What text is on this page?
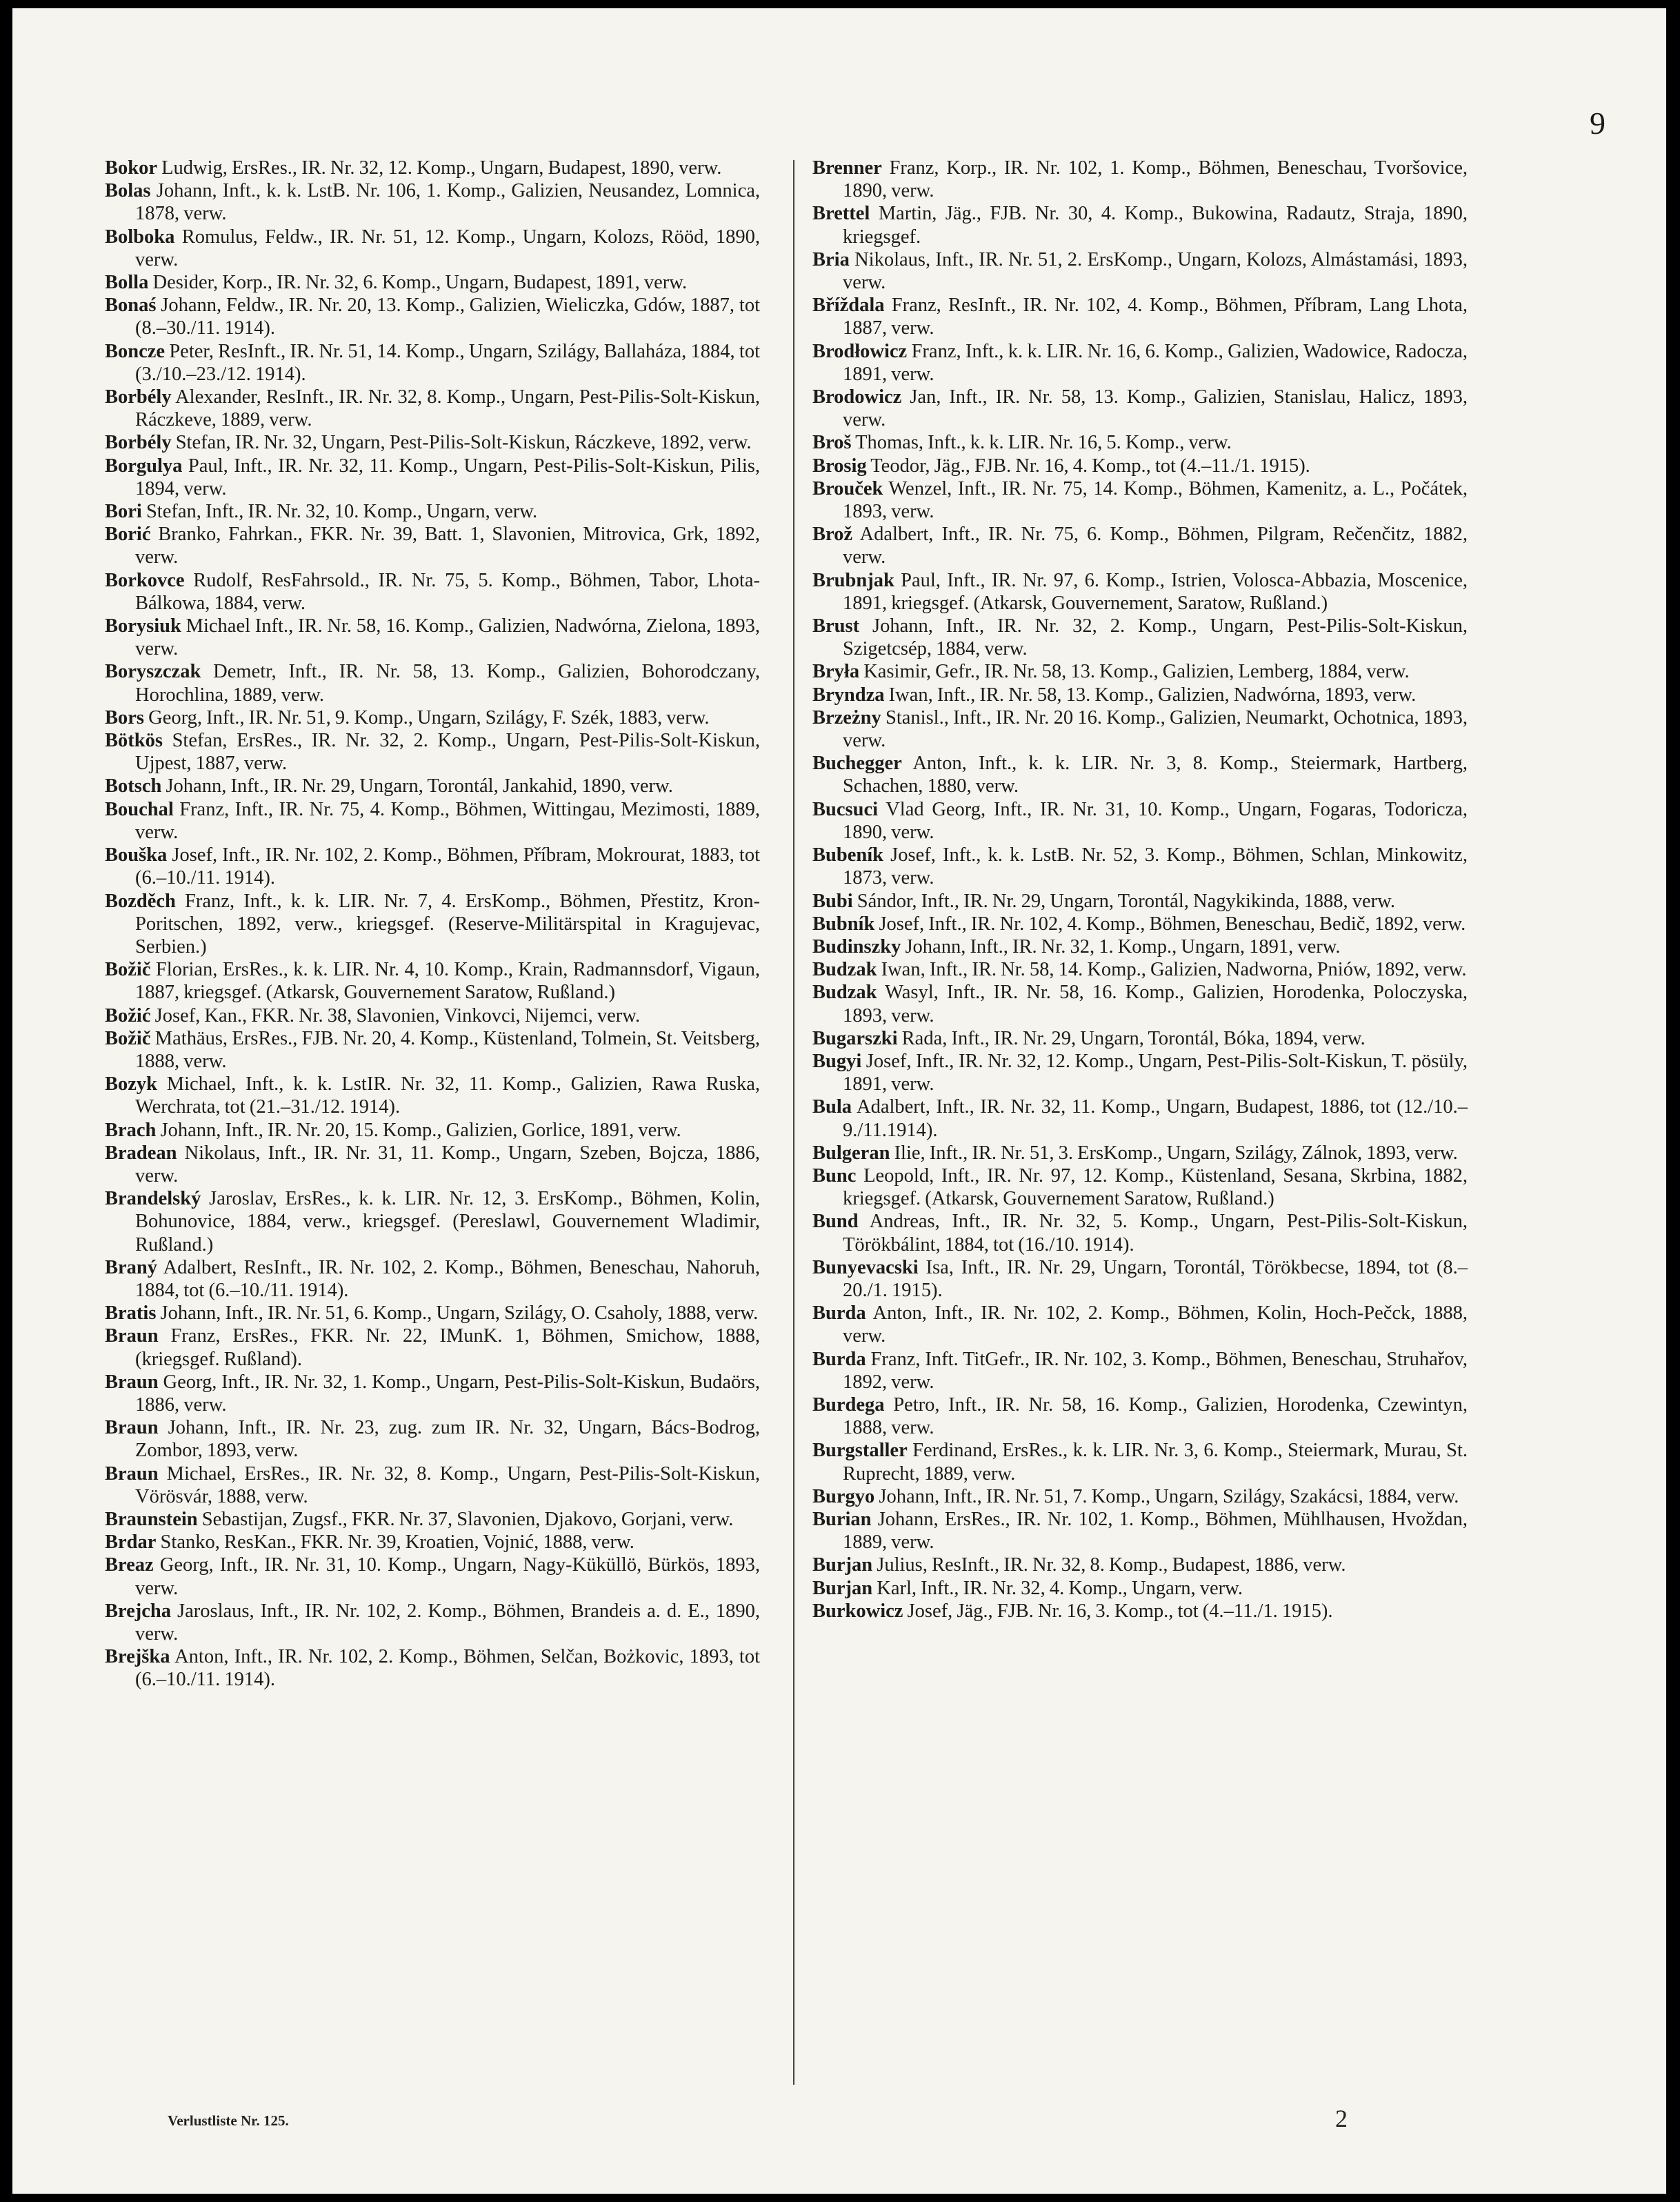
9

Bokor Ludwig, ErsRes., IR. Nr. 32, 12. Komp., Ungarn, Budapest, 1890, verw.

Bolas Johann, Inft., k. k. LstB. Nr. 106, 1. Komp., Galizien, Neusandez, Lomnica, 1878, verw.

Bolboka Romulus, Feldw., IR. Nr. 51, 12. Komp., Ungarn, Kolozs, Rööd, 1890, verw.

Bolla Desider, Korp., IR. Nr. 32, 6. Komp., Ungarn, Budapest, 1891, verw.

Bonaś Johann, Feldw., IR. Nr. 20, 13. Komp., Galizien, Wieliczka, Gdów, 1887, tot (8.–30./11. 1914).

Boncze Peter, ResInft., IR. Nr. 51, 14. Komp., Ungarn, Szilágy, Ballaháza, 1884, tot (3./10.–23./12. 1914).

Borbély Alexander, ResInft., IR. Nr. 32, 8. Komp., Ungarn, Pest-Pilis-Solt-Kiskun, Ráczkeve, 1889, verw.

Borbély Stefan, IR. Nr. 32, Ungarn, Pest-Pilis-Solt-Kiskun, Ráczkeve, 1892, verw.

Borgulya Paul, Inft., IR. Nr. 32, 11. Komp., Ungarn, Pest-Pilis-Solt-Kiskun, Pilis, 1894, verw.

Bori Stefan, Inft., IR. Nr. 32, 10. Komp., Ungarn, verw.

Borić Branko, Fahrkan., FKR. Nr. 39, Batt. 1, Slavonien, Mitrovica, Grk, 1892, verw.

Borkovce Rudolf, ResFahrsold., IR. Nr. 75, 5. Komp., Böhmen, Tabor, Lhota-Bálkowa, 1884, verw.

Borysiuk Michael Inft., IR. Nr. 58, 16. Komp., Galizien, Nadwórna, Zielona, 1893, verw.

Boryszczak Demetr, Inft., IR. Nr. 58, 13. Komp., Galizien, Bohorodczany, Horochlina, 1889, verw.

Bors Georg, Inft., IR. Nr. 51, 9. Komp., Ungarn, Szilágy, F. Szék, 1883, verw.

Bötkös Stefan, ErsRes., IR. Nr. 32, 2. Komp., Ungarn, Pest-Pilis-Solt-Kiskun, Ujpest, 1887, verw.

Botsch Johann, Inft., IR. Nr. 29, Ungarn, Torontál, Jankahid, 1890, verw.

Bouchal Franz, Inft., IR. Nr. 75, 4. Komp., Böhmen, Wittingau, Mezimosti, 1889, verw.

Bouška Josef, Inft., IR. Nr. 102, 2. Komp., Böhmen, Příbram, Mokrourat, 1883, tot (6.–10./11. 1914).

Bozděch Franz, Inft., k. k. LIR. Nr. 7, 4. ErsKomp., Böhmen, Přestitz, Kron-Poritschen, 1892, verw., kriegsgef. (Reserve-Militärspital in Kragujevac, Serbien.)

Božič Florian, ErsRes., k. k. LIR. Nr. 4, 10. Komp., Krain, Radmannsdorf, Vigaun, 1887, kriegsgef. (Atkarsk, Gouvernement Saratow, Rußland.)

Božić Josef, Kan., FKR. Nr. 38, Slavonien, Vinkovci, Nijemci, verw.

Božič Mathäus, ErsRes., FJB. Nr. 20, 4. Komp., Küstenland, Tolmein, St. Veitsberg, 1888, verw.

Bozyk Michael, Inft., k. k. LstIR. Nr. 32, 11. Komp., Galizien, Rawa Ruska, Werchrata, tot (21.–31./12. 1914).

Brach Johann, Inft., IR. Nr. 20, 15. Komp., Galizien, Gorlice, 1891, verw.

Bradean Nikolaus, Inft., IR. Nr. 31, 11. Komp., Ungarn, Szeben, Bojcza, 1886, verw.

Brandelský Jaroslav, ErsRes., k. k. LIR. Nr. 12, 3. ErsKomp., Böhmen, Kolin, Bohunovice, 1884, verw., kriegsgef. (Pereslawl, Gouvernement Wladimir, Rußland.)

Braný Adalbert, ResInft., IR. Nr. 102, 2. Komp., Böhmen, Beneschau, Nahoruh, 1884, tot (6.–10./11. 1914).

Bratis Johann, Inft., IR. Nr. 51, 6. Komp., Ungarn, Szilágy, O. Csaholy, 1888, verw.

Braun Franz, ErsRes., FKR. Nr. 22, IMunK. 1, Böhmen, Smichow, 1888, (kriegsgef. Rußland).

Braun Georg, Inft., IR. Nr. 32, 1. Komp., Ungarn, Pest-Pilis-Solt-Kiskun, Budaörs, 1886, verw.

Braun Johann, Inft., IR. Nr. 23, zug. zum IR. Nr. 32, Ungarn, Bács-Bodrog, Zombor, 1893, verw.

Braun Michael, ErsRes., IR. Nr. 32, 8. Komp., Ungarn, Pest-Pilis-Solt-Kiskun, Vörösvár, 1888, verw.

Braunstein Sebastijan, Zugsf., FKR. Nr. 37, Slavonien, Djakovo, Gorjani, verw.

Brdar Stanko, ResKan., FKR. Nr. 39, Kroatien, Vojnić, 1888, verw.

Breaz Georg, Inft., IR. Nr. 31, 10. Komp., Ungarn, Nagy-Küküllö, Bürkös, 1893, verw.

Brejcha Jaroslaus, Inft., IR. Nr. 102, 2. Komp., Böhmen, Brandeis a. d. E., 1890, verw.

Brejška Anton, Inft., IR. Nr. 102, 2. Komp., Böhmen, Selčan, Bożkovic, 1893, tot (6.–10./11. 1914).

Brenner Franz, Korp., IR. Nr. 102, 1. Komp., Böhmen, Beneschau, Tvoršovice, 1890, verw.

Brettel Martin, Jäg., FJB. Nr. 30, 4. Komp., Bukowina, Radautz, Straja, 1890, kriegsgef.

Bria Nikolaus, Inft., IR. Nr. 51, 2. ErsKomp., Ungarn, Kolozs, Almástamási, 1893, verw.

Bříždala Franz, ResInft., IR. Nr. 102, 4. Komp., Böhmen, Příbram, Lang Lhota, 1887, verw.

Brodłowicz Franz, Inft., k. k. LIR. Nr. 16, 6. Komp., Galizien, Wadowice, Radocza, 1891, verw.

Brodowicz Jan, Inft., IR. Nr. 58, 13. Komp., Galizien, Stanislau, Halicz, 1893, verw.

Broš Thomas, Inft., k. k. LIR. Nr. 16, 5. Komp., verw.

Brosig Teodor, Jäg., FJB. Nr. 16, 4. Komp., tot (4.–11./1. 1915).

Brouček Wenzel, Inft., IR. Nr. 75, 14. Komp., Böhmen, Kamenitz, a. L., Počátek, 1893, verw.

Brož Adalbert, Inft., IR. Nr. 75, 6. Komp., Böhmen, Pilgram, Rečenčitz, 1882, verw.

Brubnjak Paul, Inft., IR. Nr. 97, 6. Komp., Istrien, Volosca-Abbazia, Moscenice, 1891, kriegsgef. (Atkarsk, Gouvernement, Saratow, Rußland.)

Brust Johann, Inft., IR. Nr. 32, 2. Komp., Ungarn, Pest-Pilis-Solt-Kiskun, Szigetcsép, 1884, verw.

Bryła Kasimir, Gefr., IR. Nr. 58, 13. Komp., Galizien, Lemberg, 1884, verw.

Bryndza Iwan, Inft., IR. Nr. 58, 13. Komp., Galizien, Nadwórna, 1893, verw.

Brzeżny Stanisl., Inft., IR. Nr. 20 16. Komp., Galizien, Neumarkt, Ochotnica, 1893, verw.

Buchegger Anton, Inft., k. k. LIR. Nr. 3, 8. Komp., Steiermark, Hartberg, Schachen, 1880, verw.

Bucsuci Vlad Georg, Inft., IR. Nr. 31, 10. Komp., Ungarn, Fogaras, Todoricza, 1890, verw.

Bubeník Josef, Inft., k. k. LstB. Nr. 52, 3. Komp., Böhmen, Schlan, Minkowitz, 1873, verw.

Bubi Sándor, Inft., IR. Nr. 29, Ungarn, Torontál, Nagykikinda, 1888, verw.

Bubník Josef, Inft., IR. Nr. 102, 4. Komp., Böhmen, Beneschau, Bedič, 1892, verw.

Budinszky Johann, Inft., IR. Nr. 32, 1. Komp., Ungarn, 1891, verw.

Budzak Iwan, Inft., IR. Nr. 58, 14. Komp., Galizien, Nadworna, Pniów, 1892, verw.

Budzak Wasyl, Inft., IR. Nr. 58, 16. Komp., Galizien, Horodenka, Poloczyska, 1893, verw.

Bugarszki Rada, Inft., IR. Nr. 29, Ungarn, Torontál, Bóka, 1894, verw.

Bugyi Josef, Inft., IR. Nr. 32, 12. Komp., Ungarn, Pest-Pilis-Solt-Kiskun, T. pösüly, 1891, verw.

Bula Adalbert, Inft., IR. Nr. 32, 11. Komp., Ungarn, Budapest, 1886, tot (12./10.–9./11.1914).

Bulgeran Ilie, Inft., IR. Nr. 51, 3. ErsKomp., Ungarn, Szilágy, Zálnok, 1893, verw.

Bunc Leopold, Inft., IR. Nr. 97, 12. Komp., Küstenland, Sesana, Skrbina, 1882, kriegsgef. (Atkarsk, Gouvernement Saratow, Rußland.)

Bund Andreas, Inft., IR. Nr. 32, 5. Komp., Ungarn, Pest-Pilis-Solt-Kiskun, Törökbálint, 1884, tot (16./10. 1914).

Bunyevacski Isa, Inft., IR. Nr. 29, Ungarn, Torontál, Törökbecse, 1894, tot (8.–20./1. 1915).

Burda Anton, Inft., IR. Nr. 102, 2. Komp., Böhmen, Kolin, Hoch-Pečck, 1888, verw.

Burda Franz, Inft. TitGefr., IR. Nr. 102, 3. Komp., Böhmen, Beneschau, Struhařov, 1892, verw.

Burdega Petro, Inft., IR. Nr. 58, 16. Komp., Galizien, Horodenka, Czewintyn, 1888, verw.

Burgstaller Ferdinand, ErsRes., k. k. LIR. Nr. 3, 6. Komp., Steiermark, Murau, St. Ruprecht, 1889, verw.

Burgyo Johann, Inft., IR. Nr. 51, 7. Komp., Ungarn, Szilágy, Szakácsi, 1884, verw.

Burian Johann, ErsRes., IR. Nr. 102, 1. Komp., Böhmen, Mühlhausen, Hvoždan, 1889, verw.

Burjan Julius, ResInft., IR. Nr. 32, 8. Komp., Budapest, 1886, verw.

Burjan Karl, Inft., IR. Nr. 32, 4. Komp., Ungarn, verw.

Burkowicz Josef, Jäg., FJB. Nr. 16, 3. Komp., tot (4.–11./1. 1915).

Verlustliste Nr. 125.	2
